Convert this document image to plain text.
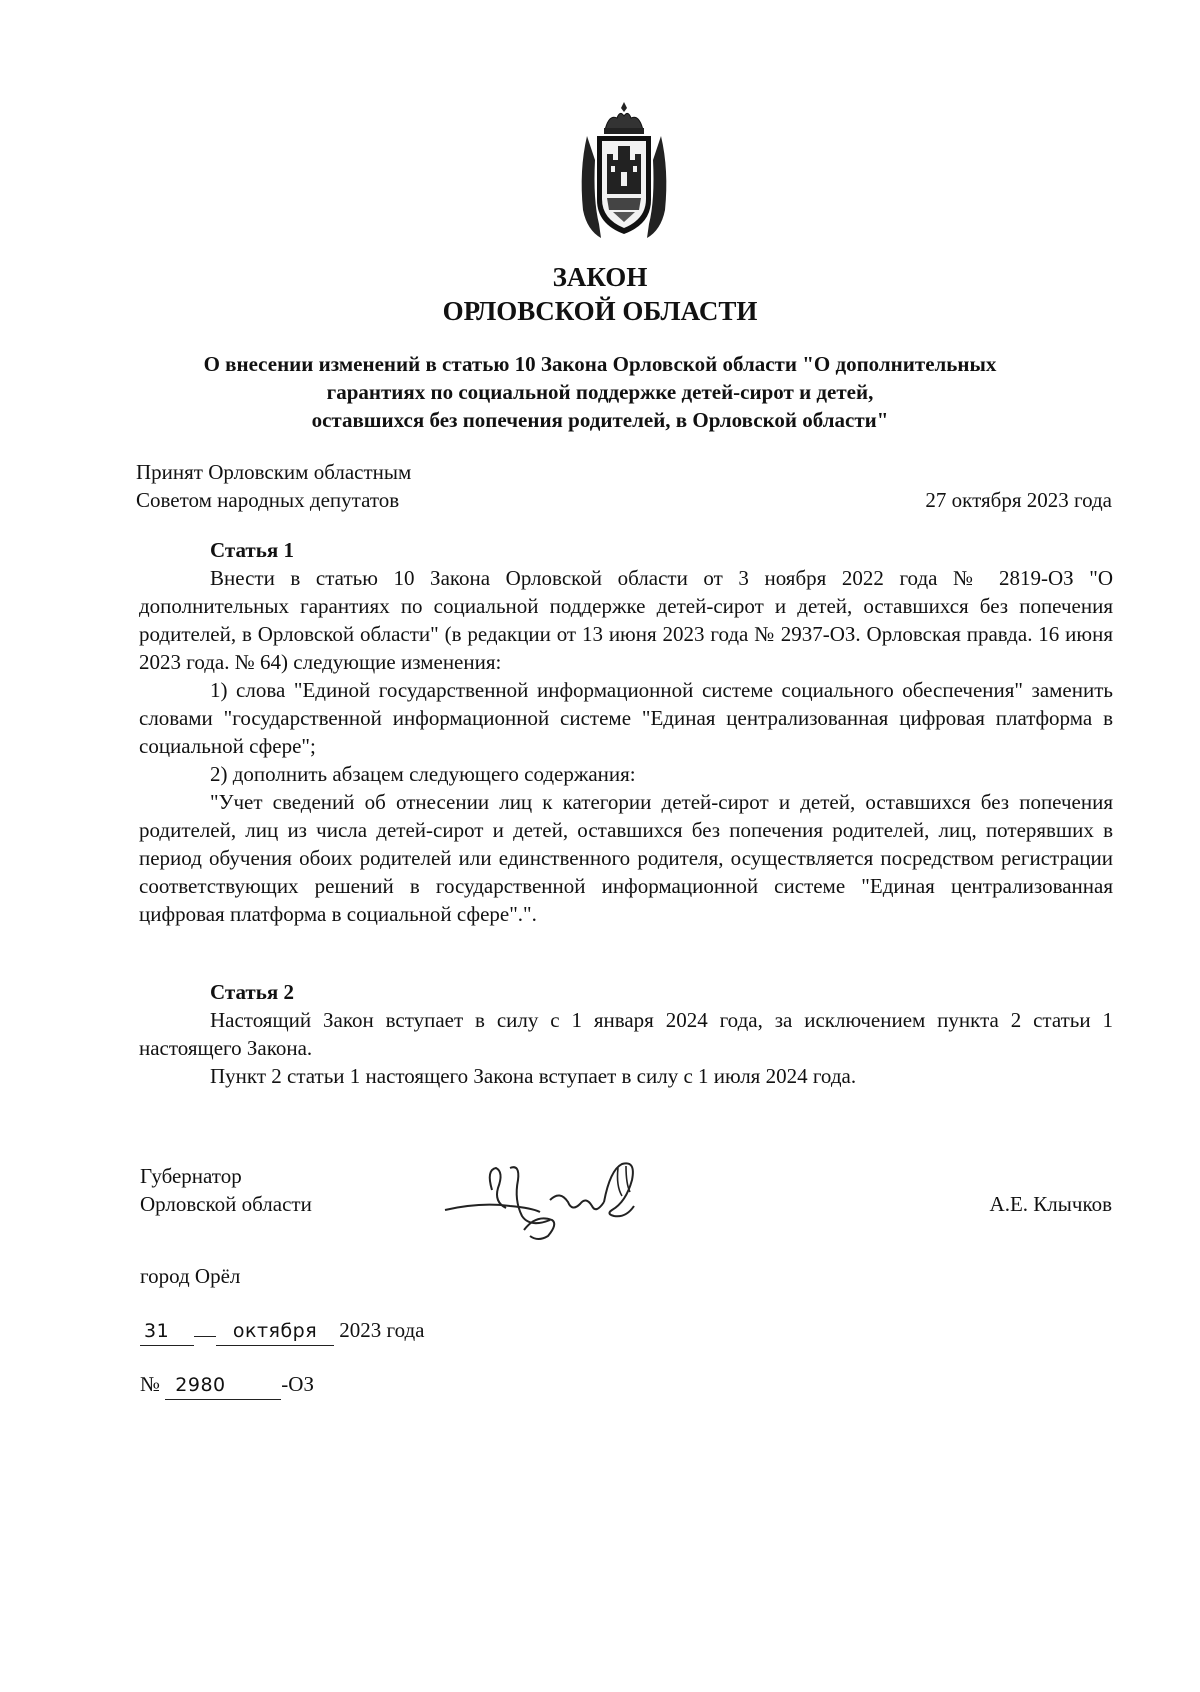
ЗАКОН
ОРЛОВСКОЙ ОБЛАСТИ
О внесении изменений в статью 10 Закона Орловской области "О дополнительных
гарантиях по социальной поддержке детей-сирот и детей,
оставшихся без попечения родителей, в Орловской области"
Принят Орловским областным
Советом народных депутатов	27 октября 2023 года
Статья 1

Внести в статью 10 Закона Орловской области от 3 ноября 2022 года № 2819-ОЗ "О дополнительных гарантиях по социальной поддержке детей-сирот и детей, оставшихся без попечения родителей, в Орловской области" (в редакции от 13 июня 2023 года № 2937-ОЗ. Орловская правда. 16 июня 2023 года. № 64) следующие изменения:

1) слова "Единой государственной информационной системе социального обеспечения" заменить словами "государственной информационной системе "Единая централизованная цифровая платформа в социальной сфере";

2) дополнить абзацем следующего содержания:

"Учет сведений об отнесении лиц к категории детей-сирот и детей, оставшихся без попечения родителей, лиц из числа детей-сирот и детей, оставшихся без попечения родителей, лиц, потерявших в период обучения обоих родителей или единственного родителя, осуществляется посредством регистрации соответствующих решений в государственной информационной системе "Единая централизованная цифровая платформа в социальной сфере".".

Статья 2

Настоящий Закон вступает в силу с 1 января 2024 года, за исключением пункта 2 статьи 1 настоящего Закона.

Пункт 2 статьи 1 настоящего Закона вступает в силу с 1 июля 2024 года.

Губернатор
Орловской области	А.Е. Клычков
город Орёл
31	октября 2023 года
№ 2980	-ОЗ
